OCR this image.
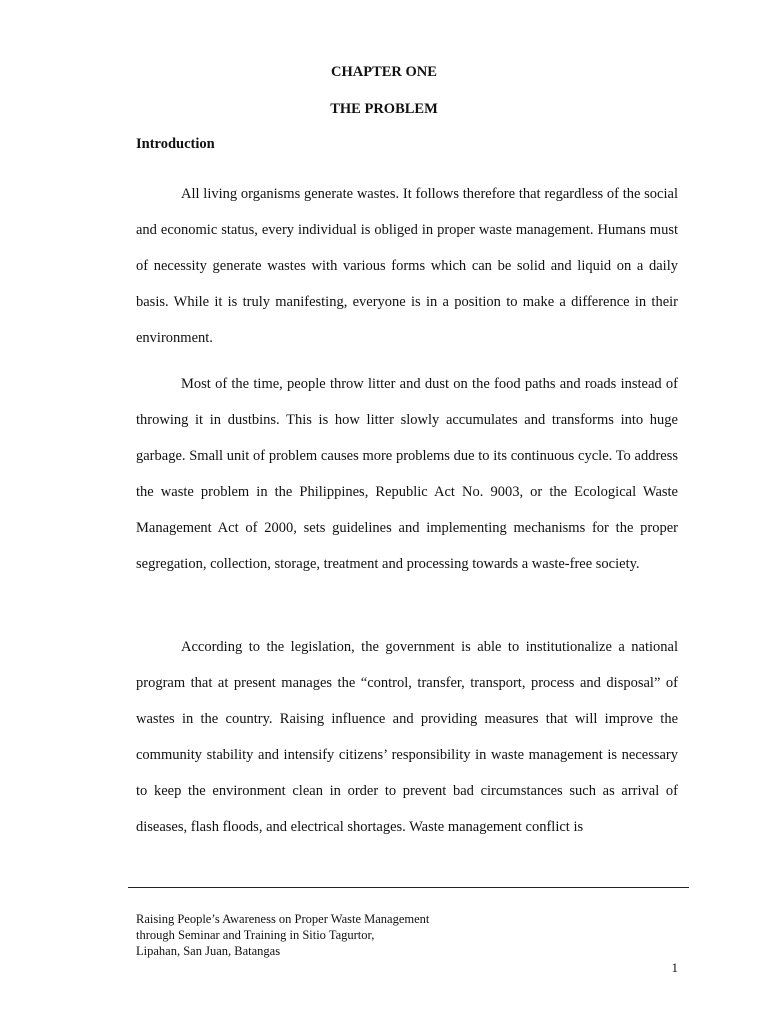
CHAPTER ONE
THE PROBLEM
Introduction

All living organisms generate wastes. It follows therefore that regardless of the social and economic status, every individual is obliged in proper waste management. Humans must of necessity generate wastes with various forms which can be solid and liquid on a daily basis. While it is truly manifesting, everyone is in a position to make a difference in their environment.

Most of the time, people throw litter and dust on the food paths and roads instead of throwing it in dustbins. This is how litter slowly accumulates and transforms into huge garbage. Small unit of problem causes more problems due to its continuous cycle. To address the waste problem in the Philippines, Republic Act No. 9003, or the Ecological Waste Management Act of 2000, sets guidelines and implementing mechanisms for the proper segregation, collection, storage, treatment and processing towards a waste-free society.

According to the legislation, the government is able to institutionalize a national program that at present manages the “control, transfer, transport, process and disposal” of wastes in the country. Raising influence and providing measures that will improve the community stability and intensify citizens’ responsibility in waste management is necessary to keep the environment clean in order to prevent bad circumstances such as arrival of diseases, flash floods, and electrical shortages. Waste management conflict is

Raising People’s Awareness on Proper Waste Management
through Seminar and Training in Sitio Tagurtor,
Lipahan, San Juan, Batangas
1
